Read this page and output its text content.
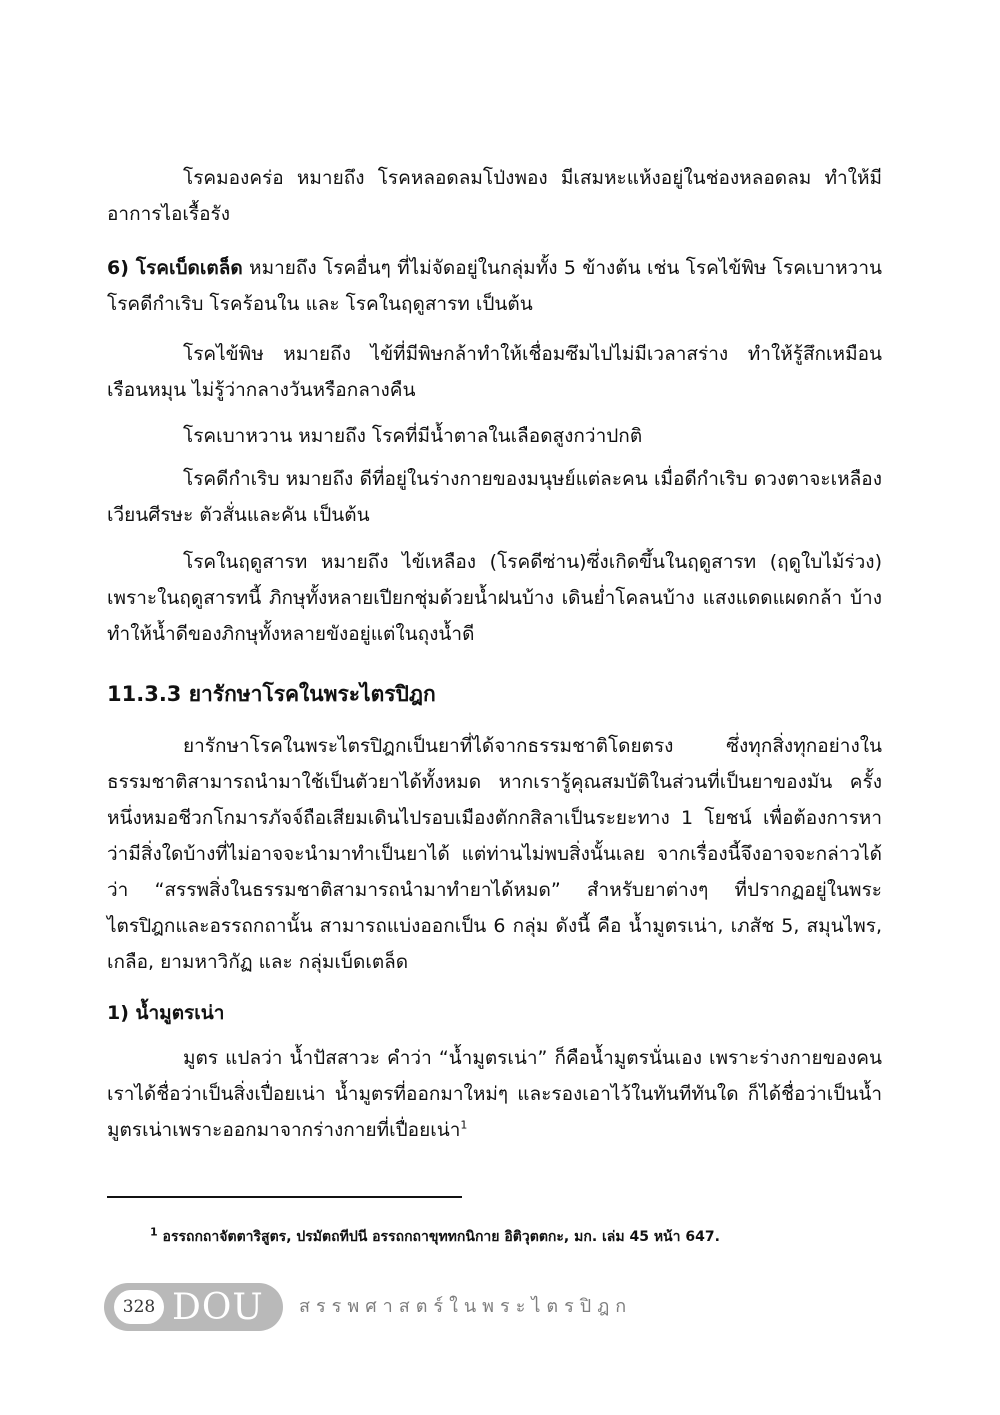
โรคมองคร่อ หมายถึง โรคหลอดลมโป่งพอง มีเสมหะแห้งอยู่ในช่องหลอดลม ทำให้มีอาการไอเรื้อรัง

6) โรคเบ็ดเตล็ด หมายถึง โรคอื่นๆ ที่ไม่จัดอยู่ในกลุ่มทั้ง 5 ข้างต้น เช่น โรคไข้พิษ โรคเบาหวาน โรคดีกำเริบ โรคร้อนใน และ โรคในฤดูสารท เป็นต้น

โรคไข้พิษ หมายถึง ไข้ที่มีพิษกล้าทำให้เชื่อมซึมไปไม่มีเวลาสร่าง ทำให้รู้สึกเหมือนเรือนหมุน ไม่รู้ว่ากลางวันหรือกลางคืน

โรคเบาหวาน หมายถึง โรคที่มีน้ำตาลในเลือดสูงกว่าปกติ

โรคดีกำเริบ หมายถึง ดีที่อยู่ในร่างกายของมนุษย์แต่ละคน เมื่อดีกำเริบ ดวงตาจะเหลืองเวียนศีรษะ ตัวสั่นและคัน เป็นต้น

โรคในฤดูสารท หมายถึง ไข้เหลือง (โรคดีซ่าน)ซึ่งเกิดขึ้นในฤดูสารท (ฤดูใบไม้ร่วง) เพราะในฤดูสารทนี้ ภิกษุทั้งหลายเปียกชุ่มด้วยน้ำฝนบ้าง เดินย่ำโคลนบ้าง แสงแดดแผดกล้า บ้าง ทำให้น้ำดีของภิกษุทั้งหลายขังอยู่แต่ในถุงน้ำดี

11.3.3 ยารักษาโรคในพระไตรปิฎก

ยารักษาโรคในพระไตรปิฎกเป็นยาที่ได้จากธรรมชาติโดยตรง ซึ่งทุกสิ่งทุกอย่างในธรรมชาติสามารถนำมาใช้เป็นตัวยาได้ทั้งหมด หากเรารู้คุณสมบัติในส่วนที่เป็นยาของมัน ครั้งหนึ่งหมอชีวกโกมารภัจจ์ถือเสียมเดินไปรอบเมืองตักกสิลาเป็นระยะทาง 1 โยชน์ เพื่อต้องการหาว่ามีสิ่งใดบ้างที่ไม่อาจจะนำมาทำเป็นยาได้ แต่ท่านไม่พบสิ่งนั้นเลย จากเรื่องนี้จึงอาจจะกล่าวได้ว่า “สรรพสิ่งในธรรมชาติสามารถนำมาทำยาได้หมด” สำหรับยาต่างๆ ที่ปรากฏอยู่ในพระไตรปิฎกและอรรถกถานั้น สามารถแบ่งออกเป็น 6 กลุ่ม ดังนี้ คือ น้ำมูตรเน่า, เภสัช 5, สมุนไพร, เกลือ, ยามหาวิกัฏ และ กลุ่มเบ็ดเตล็ด

1) น้ำมูตรเน่า

มูตร แปลว่า น้ำปัสสาวะ คำว่า “น้ำมูตรเน่า” ก็คือน้ำมูตรนั่นเอง เพราะร่างกายของคนเราได้ชื่อว่าเป็นสิ่งเปื่อยเน่า น้ำมูตรที่ออกมาใหม่ๆ และรองเอาไว้ในทันทีทันใด ก็ได้ชื่อว่าเป็นน้ำมูตรเน่าเพราะออกมาจากร่างกายที่เปื่อยเน่า$^1$

$^1$ อรรถกถาจัตตาริสูตร, ปรมัตถทีปนี อรรถกถาขุททกนิกาย อิติวุตตกะ, มก. เล่ม 45 หน้า 647.

328 DOU สรรพศาสตร์ในพระไตรปิฎก
